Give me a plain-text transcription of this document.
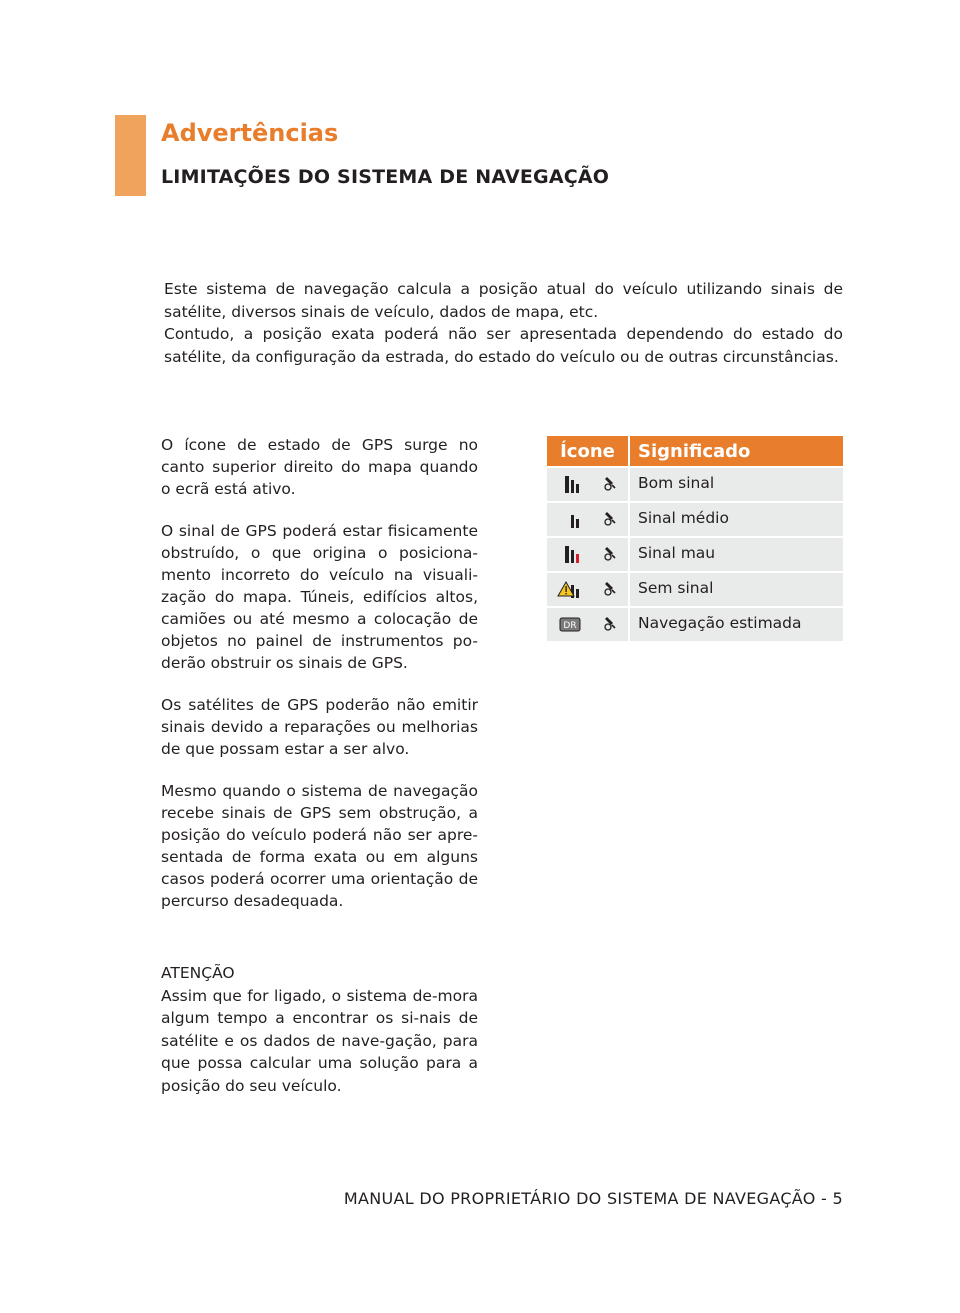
Advertências
LIMITAÇÕES DO SISTEMA DE NAVEGAÇÃO

Este sistema de navegação calcula a posição atual do veículo utilizando sinais de satélite, diversos sinais de veículo, dados de mapa, etc.

Contudo, a posição exata poderá não ser apresentada dependendo do estado do satélite, da configuração da estrada, do estado do veículo ou de outras circunstâncias.

O ícone de estado de GPS surge no canto superior direito do mapa quando o ecrã está ativo.

O sinal de GPS poderá estar fisicamente obstruído, o que origina o posiciona-mento incorreto do veículo na visuali-zação do mapa. Túneis, edifícios altos, camiões ou até mesmo a colocação de objetos no painel de instrumentos po-derão obstruir os sinais de GPS.

Os satélites de GPS poderão não emitir sinais devido a reparações ou melhorias de que possam estar a ser alvo.

Mesmo quando o sistema de navegação recebe sinais de GPS sem obstrução, a posição do veículo poderá não ser apre-sentada de forma exata ou em alguns casos poderá ocorrer uma orientação de percurso desadequada.

ATENÇÃO

Assim que for ligado, o sistema de-mora algum tempo a encontrar os si-nais de satélite e os dados de nave-gação, para que possa calcular uma solução para a posição do seu veículo.

Ícone	Significado

	Bom sinal

	Sinal médio

	Sinal mau

	Sem sinal

DR	Navegação estimada
MANUAL DO PROPRIETÁRIO DO SISTEMA DE NAVEGAÇÃO - 5
